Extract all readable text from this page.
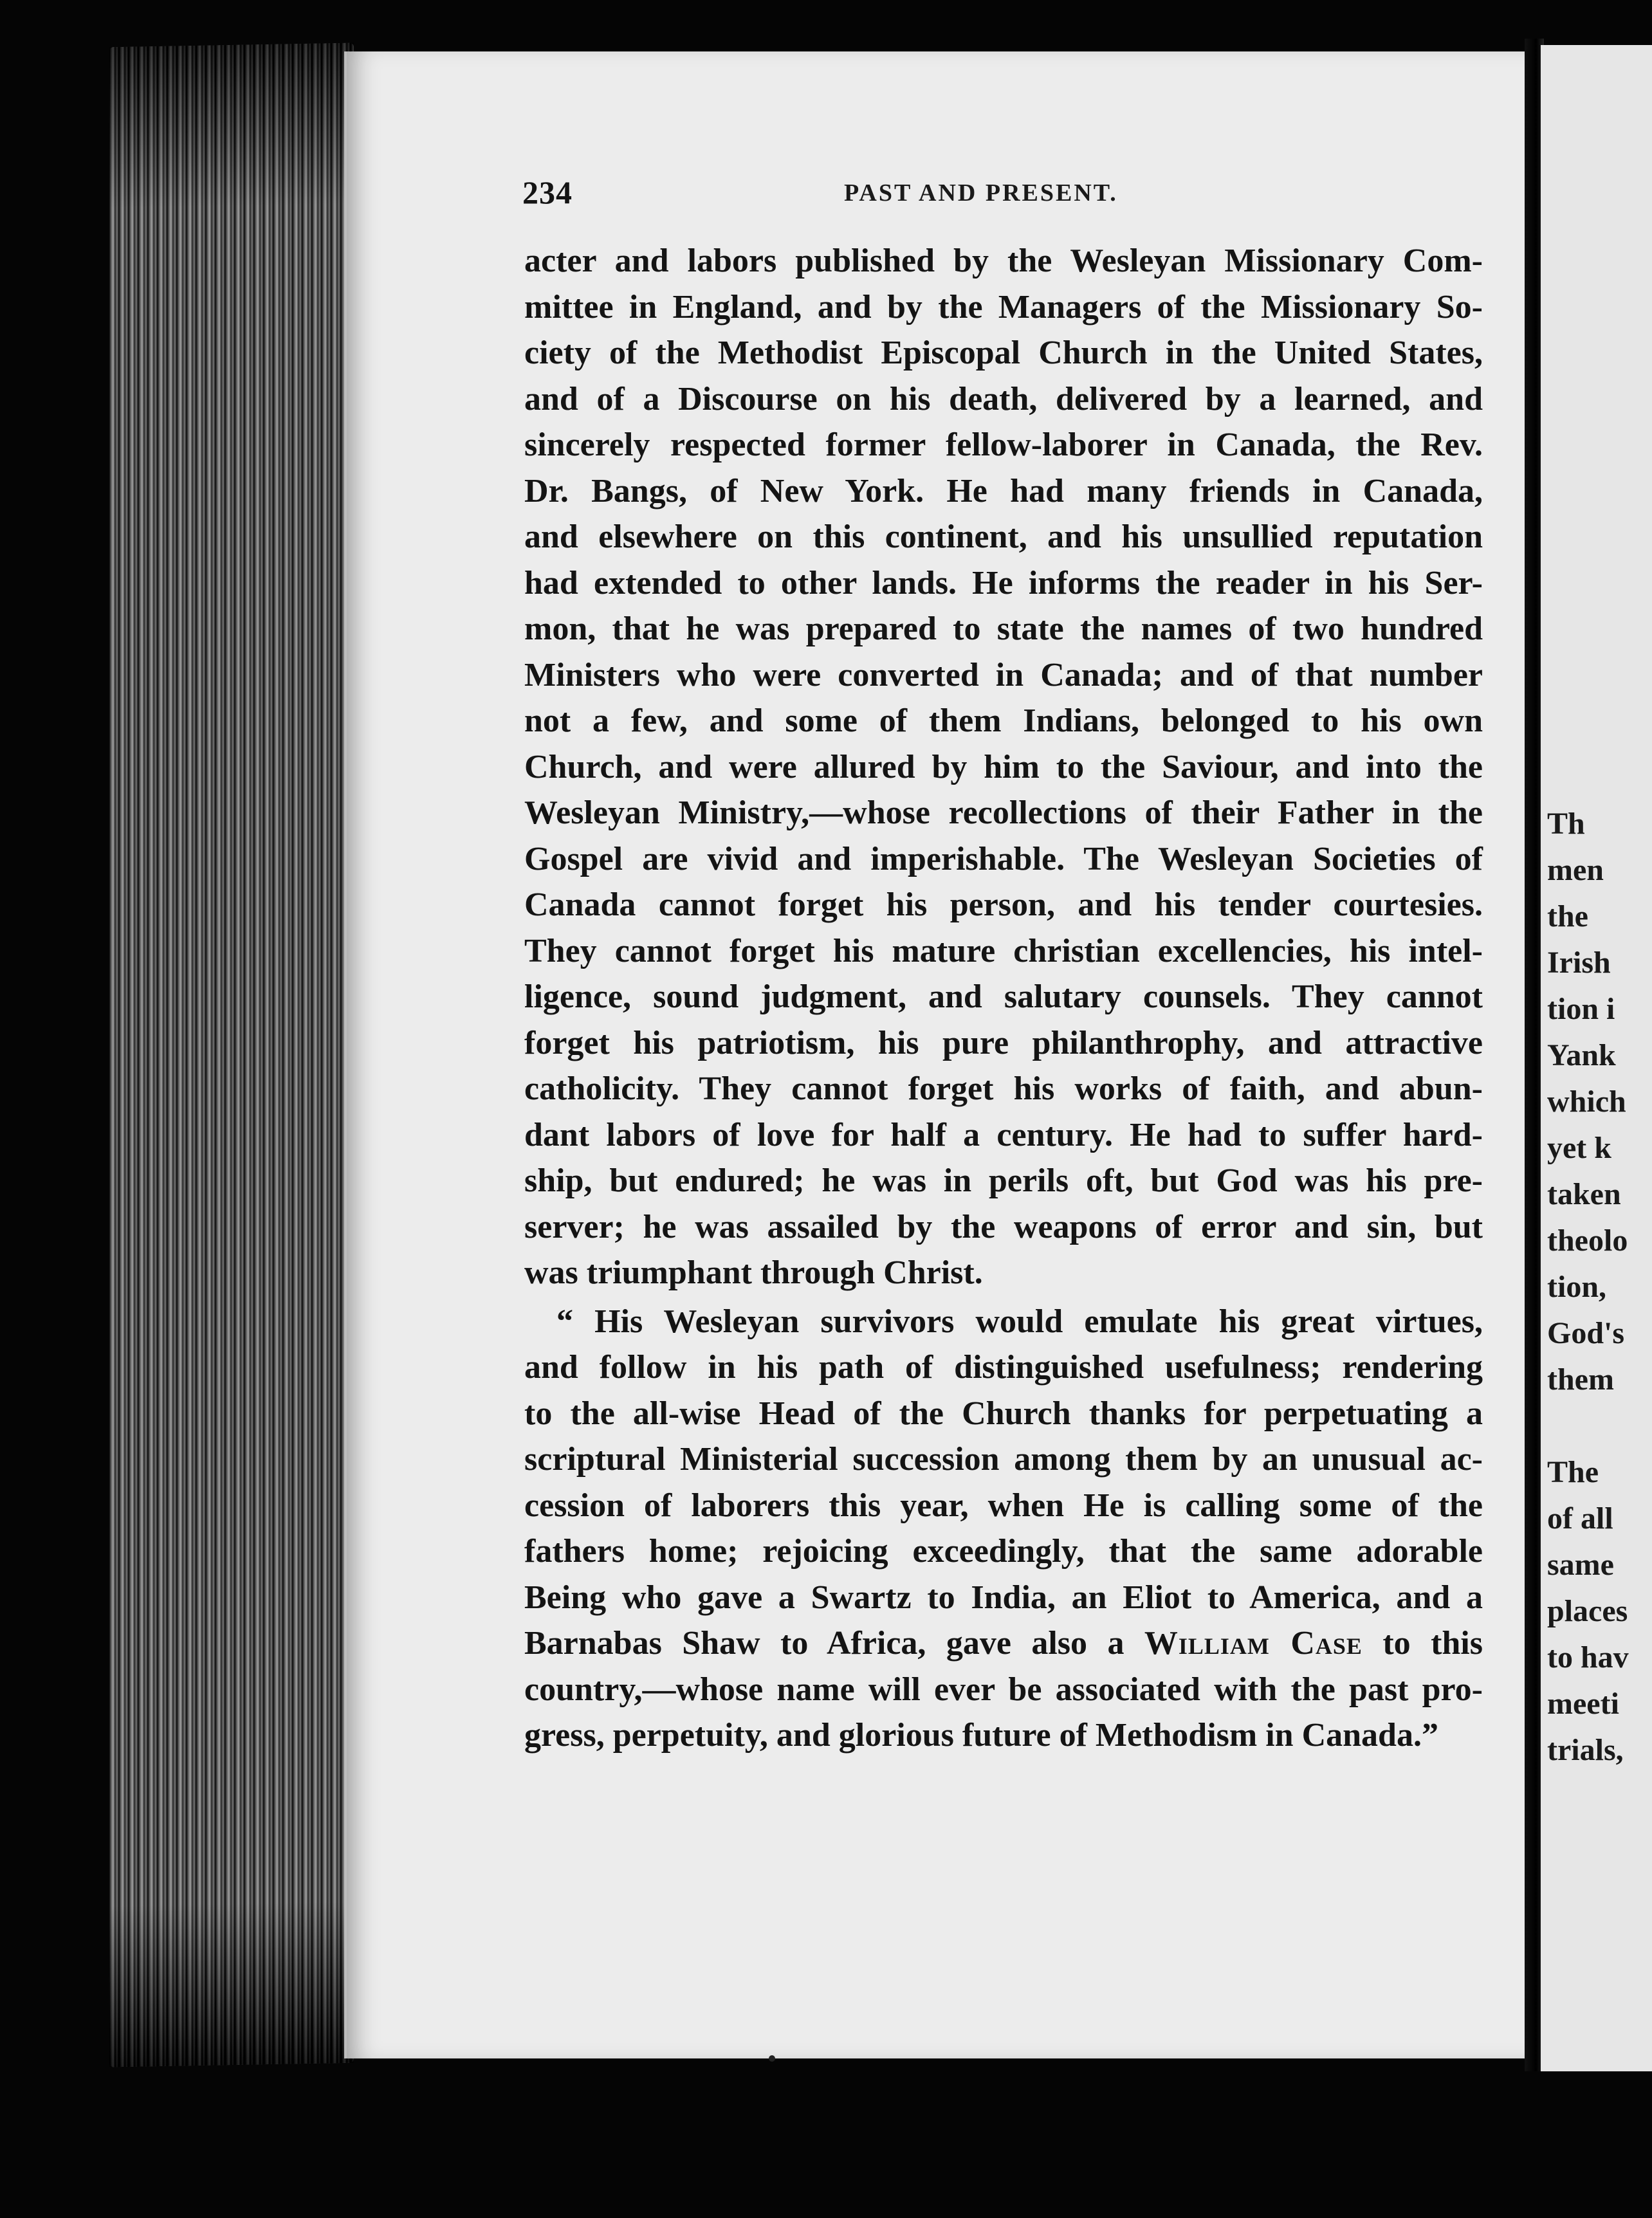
Th
men
the
Irish
tion i
Yank
which
yet k
taken
theolo
tion,
God's
them
The
of all
same
places
to hav
meeti
trials,
234	PAST AND PRESENT.
acter and labors published by the Wesleyan Missionary Com-
mittee in England, and by the Managers of the Missionary So-
ciety of the Methodist Episcopal Church in the United States,
and of a Discourse on his death, delivered by a learned, and
sincerely respected former fellow-laborer in Canada, the Rev.
Dr. Bangs, of New York. He had many friends in Canada,
and elsewhere on this continent, and his unsullied reputation
had extended to other lands. He informs the reader in his Ser-
mon, that he was prepared to state the names of two hundred
Ministers who were converted in Canada; and of that number
not a few, and some of them Indians, belonged to his own
Church, and were allured by him to the Saviour, and into the
Wesleyan Ministry,—whose recollections of their Father in the
Gospel are vivid and imperishable. The Wesleyan Societies of
Canada cannot forget his person, and his tender courtesies.
They cannot forget his mature christian excellencies, his intel-
ligence, sound judgment, and salutary counsels. They cannot
forget his patriotism, his pure philanthrophy, and attractive
catholicity. They cannot forget his works of faith, and abun-
dant labors of love for half a century. He had to suffer hard-
ship, but endured; he was in perils oft, but God was his pre-
server; he was assailed by the weapons of error and sin, but
was triumphant through Christ.
“ His Wesleyan survivors would emulate his great virtues,
and follow in his path of distinguished usefulness; rendering
to the all-wise Head of the Church thanks for perpetuating a
scriptural Ministerial succession among them by an unusual ac-
cession of laborers this year, when He is calling some of the
fathers home; rejoicing exceedingly, that the same adorable
Being who gave a Swartz to India, an Eliot to America, and a
Barnabas Shaw to Africa, gave also a William Case to this
country,—whose name will ever be associated with the past pro-
gress, perpetuity, and glorious future of Methodism in Canada.”
